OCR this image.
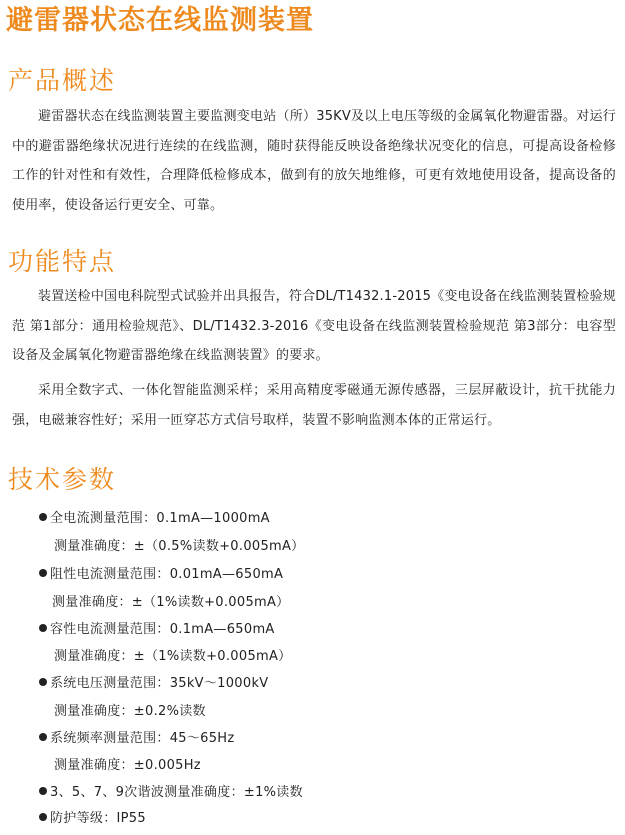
避雷器状态在线监测装置
产品概述

避雷器状态在线监测装置主要监测变电站（所）35KV及以上电压等级的金属氧化物避雷器。对运行中的避雷器绝缘状况进行连续的在线监测，随时获得能反映设备绝缘状况变化的信息，可提高设备检修工作的针对性和有效性，合理降低检修成本，做到有的放矢地维修，可更有效地使用设备，提高设备的使用率，使设备运行更安全、可靠。

功能特点

装置送检中国电科院型式试验并出具报告，符合DL/T1432.1-2015《变电设备在线监测装置检验规范 第1部分：通用检验规范》、DL/T1432.3-2016《变电设备在线监测装置检验规范 第3部分：电容型设备及金属氧化物避雷器绝缘在线监测装置》的要求。

采用全数字式、一体化智能监测采样；采用高精度零磁通无源传感器，三层屏蔽设计，抗干扰能力强，电磁兼容性好；采用一匝穿芯方式信号取样，装置不影响监测本体的正常运行。

技术参数
全电流测量范围：0.1mA—1000mA
测量准确度：±（0.5%读数+0.005mA）
阻性电流测量范围：0.01mA—650mA
测量准确度：±（1%读数+0.005mA）
容性电流测量范围：0.1mA—650mA
测量准确度：±（1%读数+0.005mA）
系统电压测量范围：35kV～1000kV
测量准确度：±0.2%读数
系统频率测量范围：45～65Hz
测量准确度：±0.005Hz
3、5、7、9次谐波测量准确度：±1%读数
防护等级：IP55
